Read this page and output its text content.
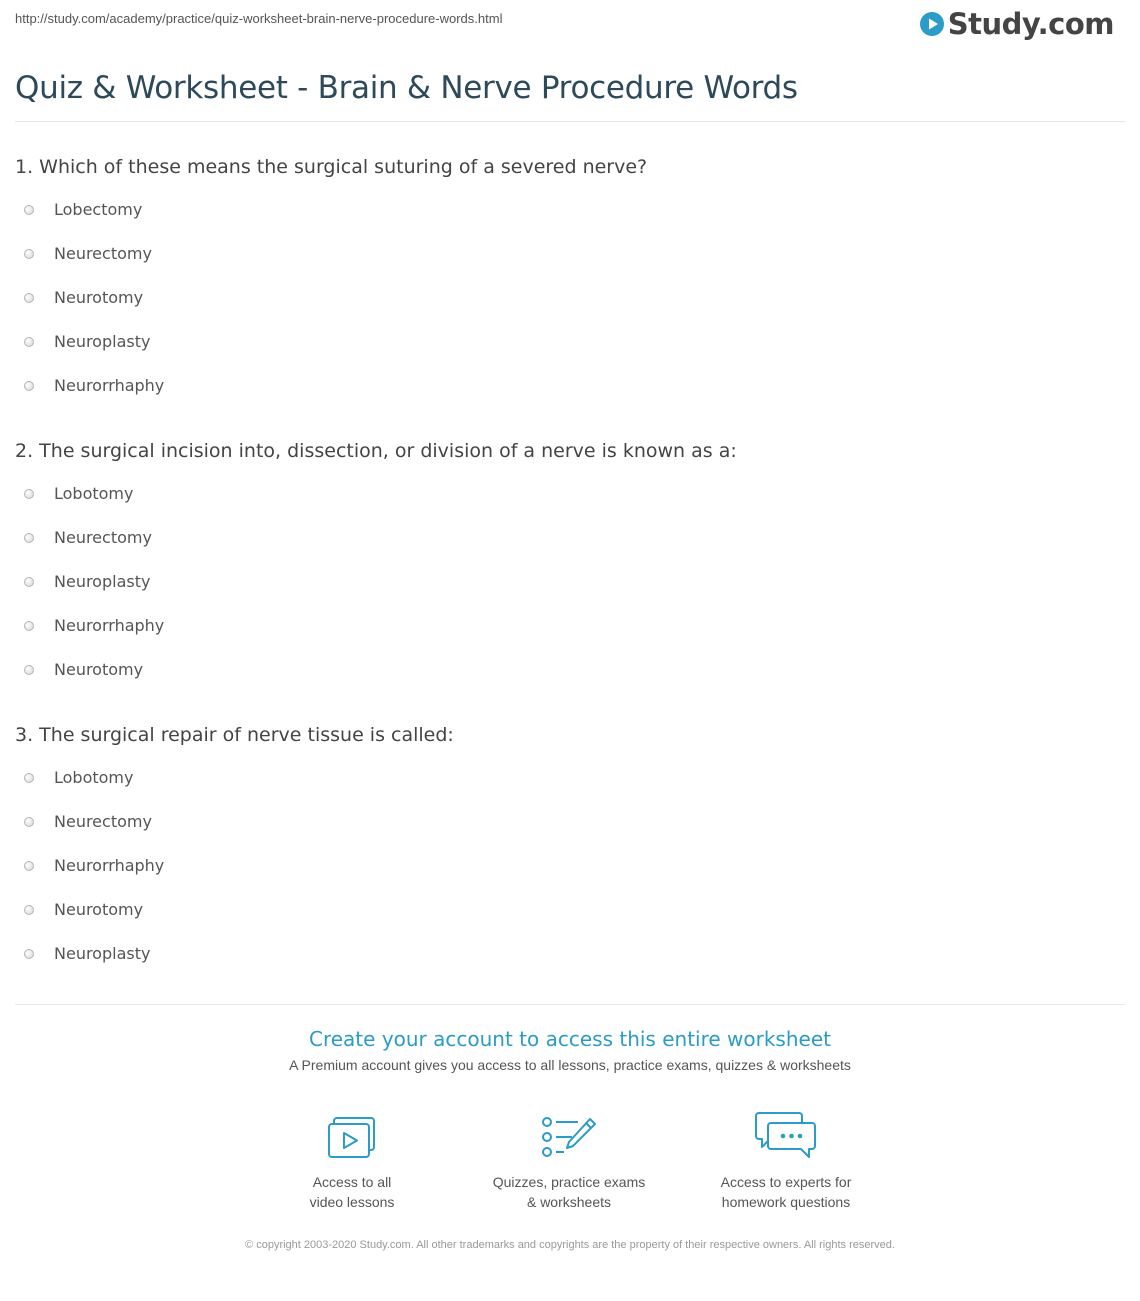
http://study.com/academy/practice/quiz-worksheet-brain-nerve-procedure-words.html	Study.com
Quiz & Worksheet - Brain & Nerve Procedure Words

1. Which of these means the surgical suturing of a severed nerve?

Lobectomy
Neurectomy
Neurotomy
Neuroplasty
Neurorrhaphy

2. The surgical incision into, dissection, or division of a nerve is known as a:

Lobotomy
Neurectomy
Neuroplasty
Neurorrhaphy
Neurotomy

3. The surgical repair of nerve tissue is called:

Lobotomy
Neurectomy
Neurorrhaphy
Neurotomy
Neuroplasty
Create your account to access this entire worksheet
A Premium account gives you access to all lessons, practice exams, quizzes & worksheets
Access to all
video lessons
Quizzes, practice exams
& worksheets
Access to experts for
homework questions
© copyright 2003-2020 Study.com. All other trademarks and copyrights are the property of their respective owners. All rights reserved.
